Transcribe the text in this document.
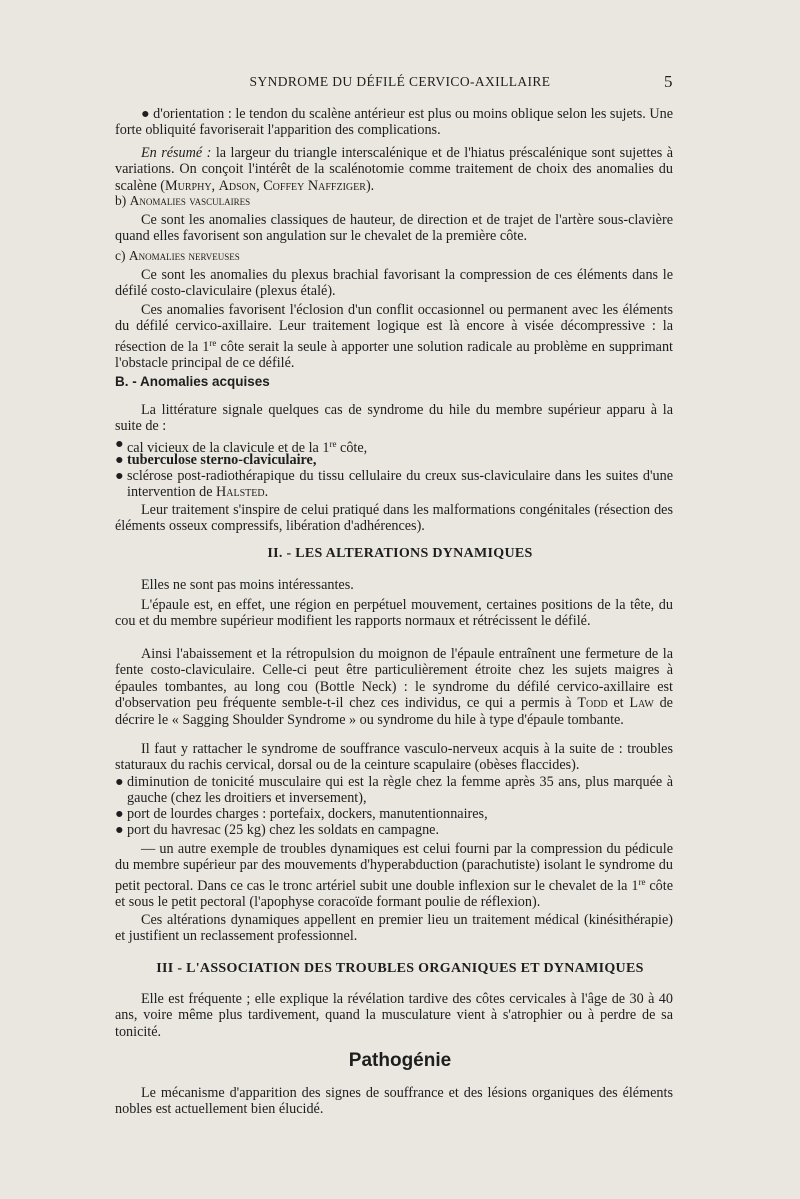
SYNDROME DU DÉFILÉ CERVICO-AXILLAIRE	5

● d'orientation : le tendon du scalène antérieur est plus ou moins oblique selon les sujets. Une forte obliquité favoriserait l'apparition des complications.

En résumé : la largeur du triangle interscalénique et de l'hiatus préscalénique sont sujettes à variations. On conçoit l'intérêt de la scalénotomie comme traitement de choix des anomalies du scalène (Murphy, Adson, Coffey Naffziger).

b) Anomalies vasculaires

Ce sont les anomalies classiques de hauteur, de direction et de trajet de l'artère sous-clavière quand elles favorisent son angulation sur le chevalet de la première côte.

c) Anomalies nerveuses

Ce sont les anomalies du plexus brachial favorisant la compression de ces éléments dans le défilé costo-claviculaire (plexus étalé).

Ces anomalies favorisent l'éclosion d'un conflit occasionnel ou permanent avec les éléments du défilé cervico-axillaire. Leur traitement logique est là encore à visée décompressive : la résection de la 1re côte serait la seule à apporter une solution radicale au problème en supprimant l'obstacle principal de ce défilé.

B. - Anomalies acquises

La littérature signale quelques cas de syndrome du hile du membre supérieur apparu à la suite de :

● cal vicieux de la clavicule et de la 1re côte,
● tuberculose sterno-claviculaire,
● sclérose post-radiothérapique du tissu cellulaire du creux sus-claviculaire dans les suites d'une intervention de Halsted.

Leur traitement s'inspire de celui pratiqué dans les malformations congénitales (résection des éléments osseux compressifs, libération d'adhérences).

II. - LES ALTERATIONS DYNAMIQUES

Elles ne sont pas moins intéressantes.

L'épaule est, en effet, une région en perpétuel mouvement, certaines positions de la tête, du cou et du membre supérieur modifient les rapports normaux et rétrécissent le défilé.

Ainsi l'abaissement et la rétropulsion du moignon de l'épaule entraînent une fermeture de la fente costo-claviculaire. Celle-ci peut être particulièrement étroite chez les sujets maigres à épaules tombantes, au long cou (Bottle Neck) : le syndrome du défilé cervico-axillaire est d'observation peu fréquente semble-t-il chez ces individus, ce qui a permis à Todd et Law de décrire le « Sagging Shoulder Syndrome » ou syndrome du hile à type d'épaule tombante.

Il faut y rattacher le syndrome de souffrance vasculo-nerveux acquis à la suite de : troubles staturaux du rachis cervical, dorsal ou de la ceinture scapulaire (obèses flaccides).

● diminution de tonicité musculaire qui est la règle chez la femme après 35 ans, plus marquée à gauche (chez les droitiers et inversement),
● port de lourdes charges : portefaix, dockers, manutentionnaires,
● port du havresac (25 kg) chez les soldats en campagne.

— un autre exemple de troubles dynamiques est celui fourni par la compression du pédicule du membre supérieur par des mouvements d'hyperabduction (parachutiste) isolant le syndrome du petit pectoral. Dans ce cas le tronc artériel subit une double inflexion sur le chevalet de la 1re côte et sous le petit pectoral (l'apophyse coracoïde formant poulie de réflexion).

Ces altérations dynamiques appellent en premier lieu un traitement médical (kinésithérapie) et justifient un reclassement professionnel.

III - L'ASSOCIATION DES TROUBLES ORGANIQUES ET DYNAMIQUES

Elle est fréquente ; elle explique la révélation tardive des côtes cervicales à l'âge de 30 à 40 ans, voire même plus tardivement, quand la musculature vient à s'atrophier ou à perdre de sa tonicité.

Pathogénie

Le mécanisme d'apparition des signes de souffrance et des lésions organiques des éléments nobles est actuellement bien élucidé.
